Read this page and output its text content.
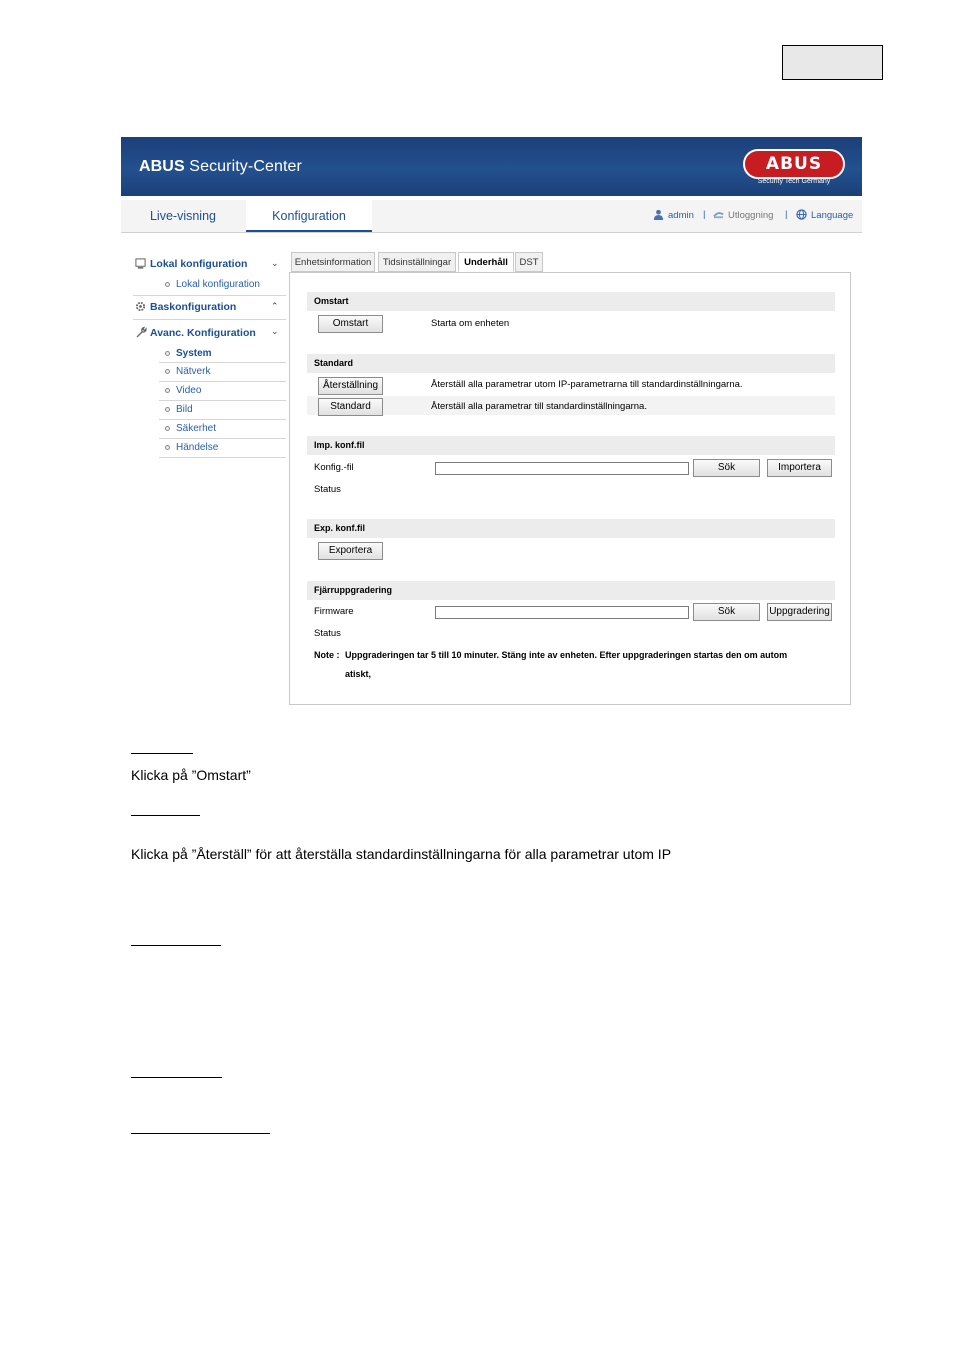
ABUS Security-Center	ABUS
Security Tech Germany
Live-visning	Konfiguration	admin |	Utloggning |	Language
Lokal konfiguration	⌄
Lokal konfiguration
Baskonfiguration	⌃
Avanc. Konfiguration ⌄
System
Nätverk
Video
Bild
Säkerhet
Händelse
Enhetsinformation	Tidsinställningar	Underhåll	DST
Omstart
Omstart	Starta om enheten
Standard
Återställning	Återställ alla parametrar utom IP-parametrarna till standardinställningarna.
Standard	Återställ alla parametrar till standardinställningarna.
Imp. konf.fil
Konfig.-fil	Sök	Importera
Status
Exp. konf.fil
Exportera
Fjärruppgradering
Firmware	Sök	Uppgradering
Status
Note : Uppgraderingen tar 5 till 10 minuter. Stäng inte av enheten. Efter uppgraderingen startas den om autom
atiskt,
Klicka på ”Omstart”
Klicka på ”Återställ” för att återställa standardinställningarna för alla parametrar utom IP
